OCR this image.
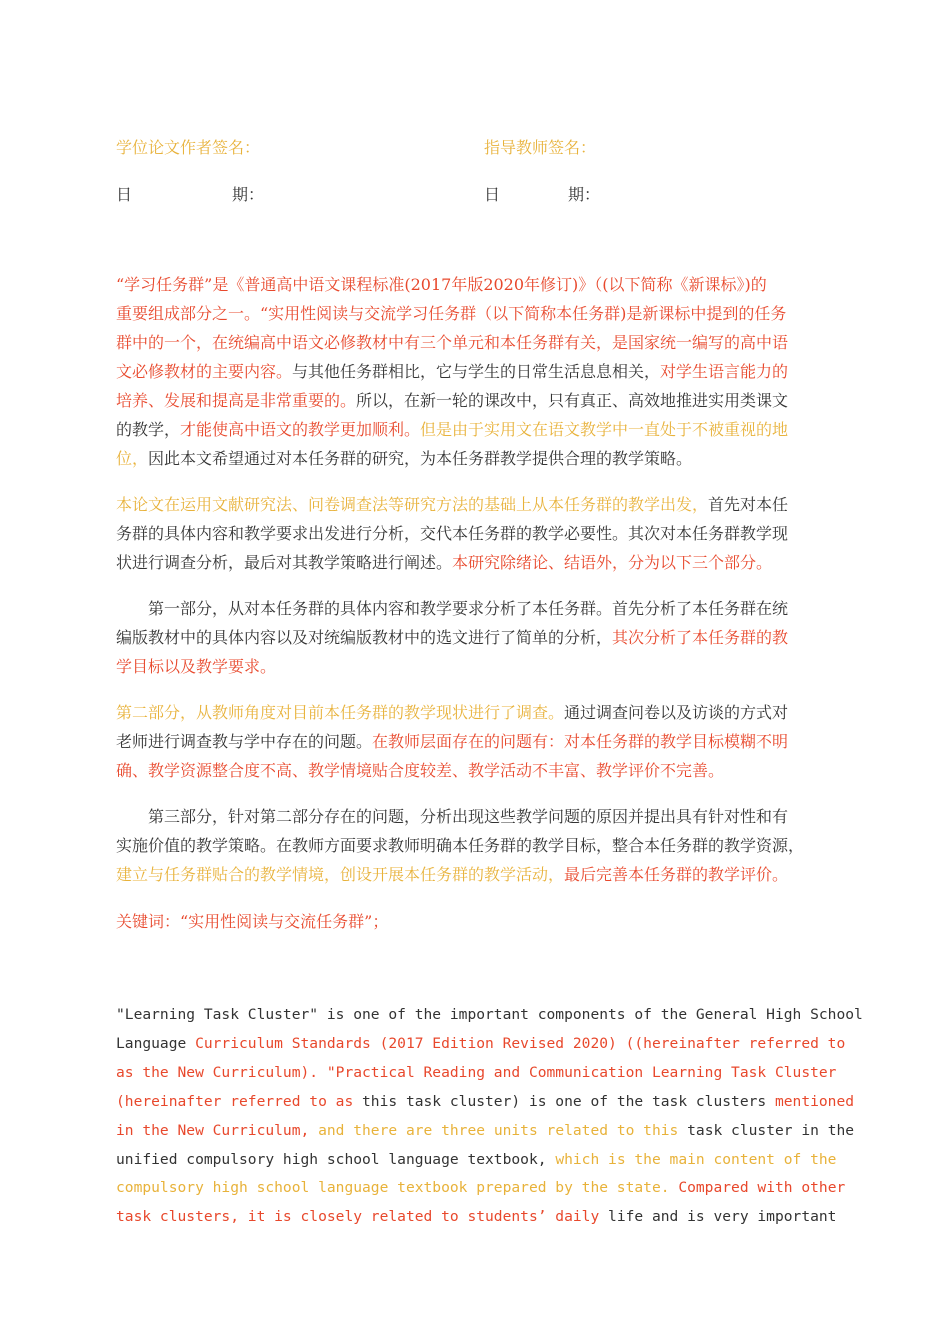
学位论文作者签名：	指导教师签名：
日	期：	日	期：
“学习任务群”是《普通高中语文课程标准(2017年版2020年修订)》（(以下简称《新课标》)的
重要组成部分之一。“实用性阅读与交流学习任务群（以下简称本任务群)是新课标中提到的任务
群中的一个，在统编高中语文必修教材中有三个单元和本任务群有关，是国家统一编写的高中语
文必修教材的主要内容。与其他任务群相比，它与学生的日常生活息息相关，对学生语言能力的
培养、发展和提高是非常重要的。所以，在新一轮的课改中，只有真正、高效地推进实用类课文
的教学，才能使高中语文的教学更加顺利。但是由于实用文在语文教学中一直处于不被重视的地
位，因此本文希望通过对本任务群的研究，为本任务群教学提供合理的教学策略。
本论文在运用文献研究法、问卷调查法等研究方法的基础上从本任务群的教学出发，首先对本任
务群的具体内容和教学要求出发进行分析，交代本任务群的教学必要性。其次对本任务群教学现
状进行调查分析，最后对其教学策略进行阐述。本研究除绪论、结语外，分为以下三个部分。
　　第一部分，从对本任务群的具体内容和教学要求分析了本任务群。首先分析了本任务群在统
编版教材中的具体内容以及对统编版教材中的选文进行了简单的分析，其次分析了本任务群的教
学目标以及教学要求。
第二部分，从教师角度对目前本任务群的教学现状进行了调查。通过调查问卷以及访谈的方式对
老师进行调查教与学中存在的问题。在教师层面存在的问题有：对本任务群的教学目标模糊不明
确、教学资源整合度不高、教学情境贴合度较差、教学活动不丰富、教学评价不完善。
　　第三部分，针对第二部分存在的问题，分析出现这些教学问题的原因并提出具有针对性和有
实施价值的教学策略。在教师方面要求教师明确本任务群的教学目标，整合本任务群的教学资源，
建立与任务群贴合的教学情境，创设开展本任务群的教学活动，最后完善本任务群的教学评价。
关键词：“实用性阅读与交流任务群”；
"Learning Task Cluster" is one of the important components of the General High School
Language Curriculum Standards (2017 Edition Revised 2020) ((hereinafter referred to
as the New Curriculum). "Practical Reading and Communication Learning Task Cluster
(hereinafter referred to as this task cluster) is one of the task clusters mentioned
in the New Curriculum, and there are three units related to this task cluster in the
unified compulsory high school language textbook, which is the main content of the
compulsory high school language textbook prepared by the state. Compared with other
task clusters, it is closely related to students’ daily life and is very important
